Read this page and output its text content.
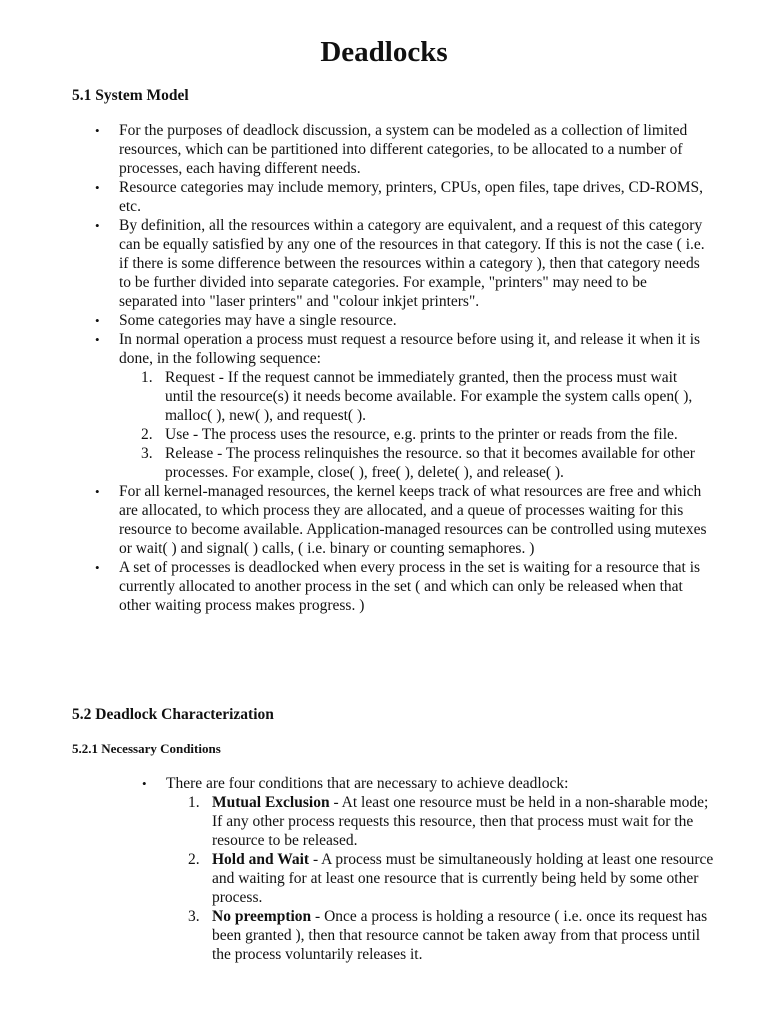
Deadlocks
5.1 System Model
• For the purposes of deadlock discussion, a system can be modeled as a collection of limited resources, which can be partitioned into different categories, to be allocated to a number of processes, each having different needs.
• Resource categories may include memory, printers, CPUs, open files, tape drives, CD-ROMS, etc.
• By definition, all the resources within a category are equivalent, and a request of this category can be equally satisfied by any one of the resources in that category. If this is not the case ( i.e. if there is some difference between the resources within a category ), then that category needs to be further divided into separate categories. For example, "printers" may need to be separated into "laser printers" and "colour inkjet printers".
• Some categories may have a single resource.
• In normal operation a process must request a resource before using it, and release it when it is done, in the following sequence:
Request - If the request cannot be immediately granted, then the process must wait until the resource(s) it needs become available. For example the system calls open( ), malloc( ), new( ), and request( ).
Use - The process uses the resource, e.g. prints to the printer or reads from the file.
Release - The process relinquishes the resource. so that it becomes available for other processes. For example, close( ), free( ), delete( ), and release( ).
• For all kernel-managed resources, the kernel keeps track of what resources are free and which are allocated, to which process they are allocated, and a queue of processes waiting for this resource to become available. Application-managed resources can be controlled using mutexes or wait( ) and signal( ) calls, ( i.e. binary or counting semaphores. )
• A set of processes is deadlocked when every process in the set is waiting for a resource that is currently allocated to another process in the set ( and which can only be released when that other waiting process makes progress. )
5.2 Deadlock Characterization
5.2.1 Necessary Conditions
• There are four conditions that are necessary to achieve deadlock:
Mutual Exclusion - At least one resource must be held in a non-sharable mode; If any other process requests this resource, then that process must wait for the resource to be released.
Hold and Wait - A process must be simultaneously holding at least one resource and waiting for at least one resource that is currently being held by some other process.
No preemption - Once a process is holding a resource ( i.e. once its request has been granted ), then that resource cannot be taken away from that process until the process voluntarily releases it.
